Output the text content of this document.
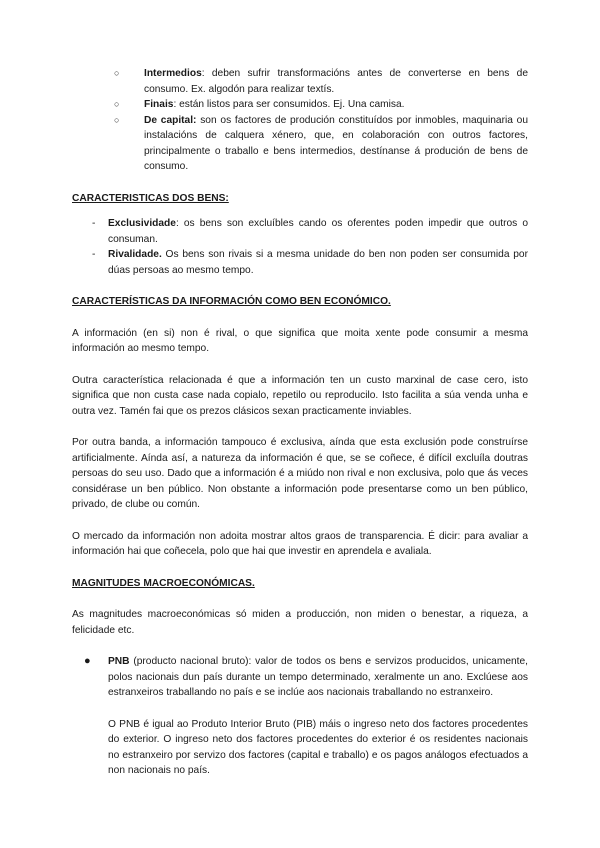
○ Intermedios: deben sufrir transformacións antes de converterse en bens de consumo. Ex. algodón para realizar textís.
○ Finais: están listos para ser consumidos. Ej. Una camisa.
○ De capital: son os factores de produción constituídos por inmobles, maquinaria ou instalacións de calquera xénero, que, en colaboración con outros factores, principalmente o traballo e bens intermedios, destínanse á produción de bens de consumo.

CARACTERISTICAS DOS BENS:

- Exclusividade: os bens son excluíbles cando os oferentes poden impedir que outros o consuman.
- Rivalidade. Os bens son rivais si a mesma unidade do ben non poden ser consumida por dúas persoas ao mesmo tempo.

CARACTERÍSTICAS DA INFORMACIÓN COMO BEN ECONÓMICO.

A información (en si) non é rival, o que significa que moita xente pode consumir a mesma información ao mesmo tempo.

Outra característica relacionada é que a información ten un custo marxinal de case cero, isto significa que non custa case nada copialo, repetilo ou reproducilo. Isto facilita a súa venda unha e outra vez. Tamén fai que os prezos clásicos sexan practicamente inviables.

Por outra banda, a información tampouco é exclusiva, aínda que esta exclusión pode construírse artificialmente. Aínda así, a natureza da información é que, se se coñece, é difícil excluíla doutras persoas do seu uso. Dado que a información é a miúdo non rival e non exclusiva, polo que ás veces considérase un ben público. Non obstante a información pode presentarse como un ben público, privado, de clube ou común.

O mercado da información non adoita mostrar altos graos de transparencia. É dicir: para avaliar a información hai que coñecela, polo que hai que investir en aprendela e avaliala.

MAGNITUDES MACROECONÓMICAS.

As magnitudes macroeconómicas só miden a producción, non miden o benestar, a riqueza, a felicidade etc.

● PNB (producto nacional bruto): valor de todos os bens e servizos producidos, unicamente, polos nacionais dun país durante un tempo determinado, xeralmente un ano. Exclúese aos estranxeiros traballando no país e se inclúe aos nacionais traballando no estranxeiro.

O PNB é igual ao Produto Interior Bruto (PIB) máis o ingreso neto dos factores procedentes do exterior. O ingreso neto dos factores procedentes do exterior é os residentes nacionais no estranxeiro por servizo dos factores (capital e traballo) e os pagos análogos efectuados a non nacionais no país.
